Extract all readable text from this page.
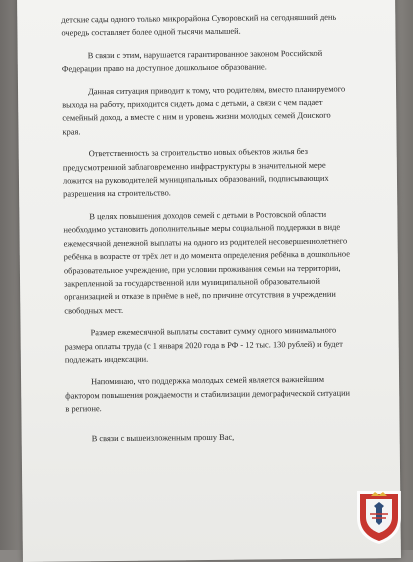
детские сады одного только микрорайона Суворовский на сегодняшний день
очередь составляет более одной тысячи малышей.

В связи с этим, нарушается гарантированное законом Российской
Федерации право на доступное дошкольное образование.

Данная ситуация приводит к тому, что родителям, вместо планируемого
выхода на работу, приходится сидеть дома с детьми, а связи с чем падает
семейный доход, а вместе с ним и уровень жизни молодых семей Донского
края.

Ответственность за строительство новых объектов жилья без
предусмотренной заблаговременно инфраструктуры в значительной мере
ложится на руководителей муниципальных образований, подписывающих
разрешения на строительство.

В целях повышения доходов семей с детьми в Ростовской области
необходимо установить дополнительные меры социальной поддержки в виде
ежемесячной денежной выплаты на одного из родителей несовершеннолетнего
ребёнка в возрасте от трёх лет и до момента определения ребёнка в дошкольное
образовательное учреждение, при условии проживания семьи на территории,
закрепленной за государственной или муниципальной образовательной
организацией и отказе в приёме в неё, по причине отсутствия в учреждении
свободных мест.

Размер ежемесячной выплаты составит сумму одного минимального
размера оплаты труда (с 1 января 2020 года в РФ - 12 тыс. 130 рублей) и будет
подлежать индексации.

Напоминаю, что поддержка молодых семей является важнейшим
фактором повышения рождаемости и стабилизации демографической ситуации
в регионе.

В связи с вышеизложенным прошу Вас,
